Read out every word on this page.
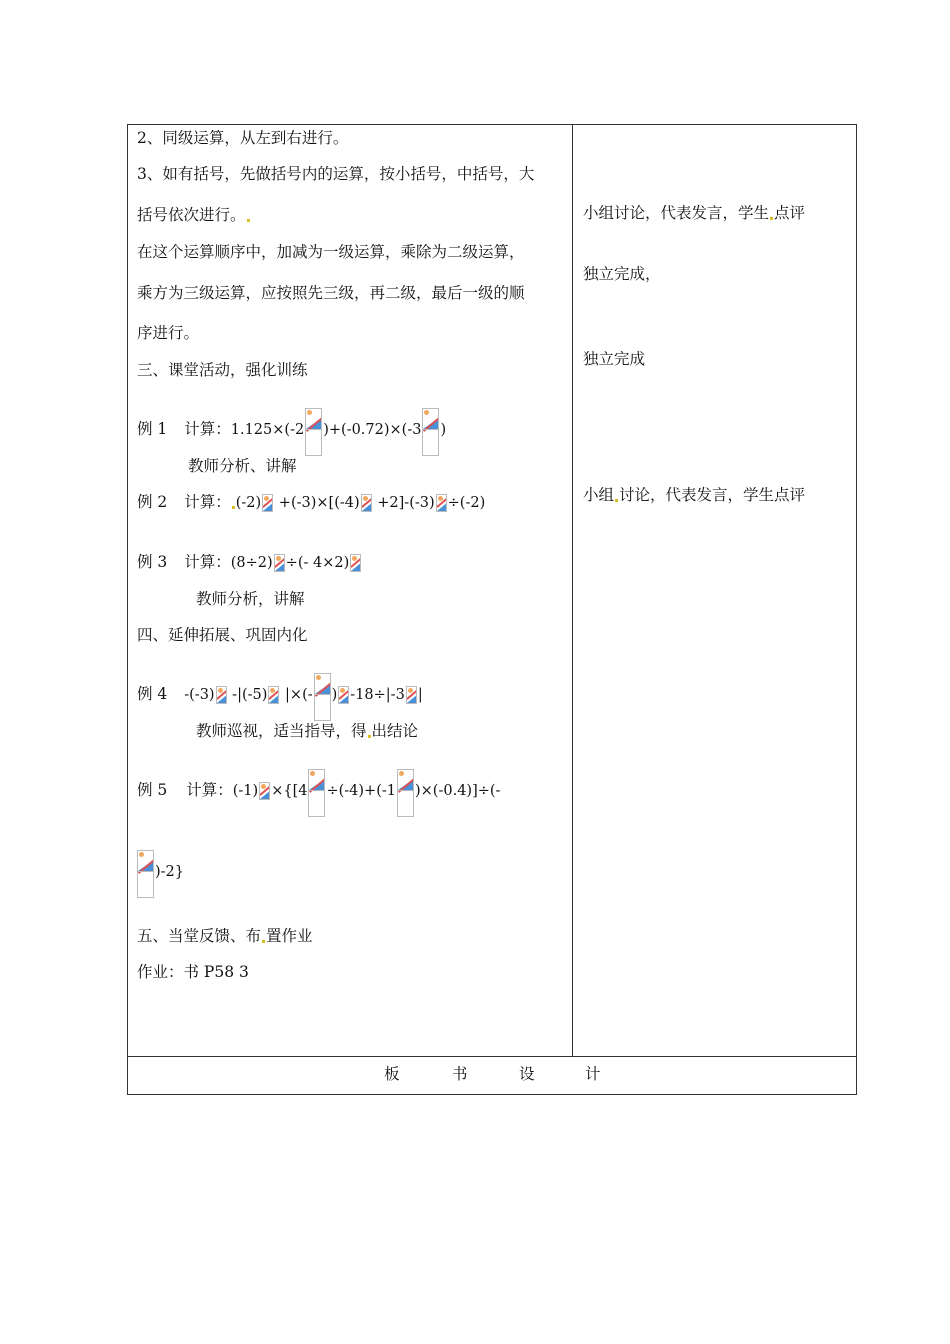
2、同级运算，从左到右进行。
3、如有括号，先做括号内的运算，按小括号，中括号，大
括号依次进行。
在这个运算顺序中，加减为一级运算，乘除为二级运算，
乘方为三级运算，应按照先三级，再二级，最后一级的顺
序进行。
三、课堂活动，强化训练
例 1 计算：1.125×(-2 )+(-0.72)×(-3 )
教师分析、讲解
例 2 计算： (-2)
+(-3)×[(-4)
+2]-(-3) ÷(-2)
例 3 计算：(8÷2) ÷(- 4×2)
教师分析，讲解
四、延伸拓展、巩固内化
例 4 -(-3)
-|(-5)
|×(- ) -18÷|-3 |
教师巡视，适当指导，得 出结论
例 5 计算：(-1) ×{[4 ÷(-4)+(-1 )×(-0.4)]÷(-
)-2}
五、当堂反馈、布 置作业
作业：书 P58 3
小组讨论，代表发言，学生 点评
独立完成，
独立完成
小组 讨论，代表发言，学生点评
板	书	设	计
